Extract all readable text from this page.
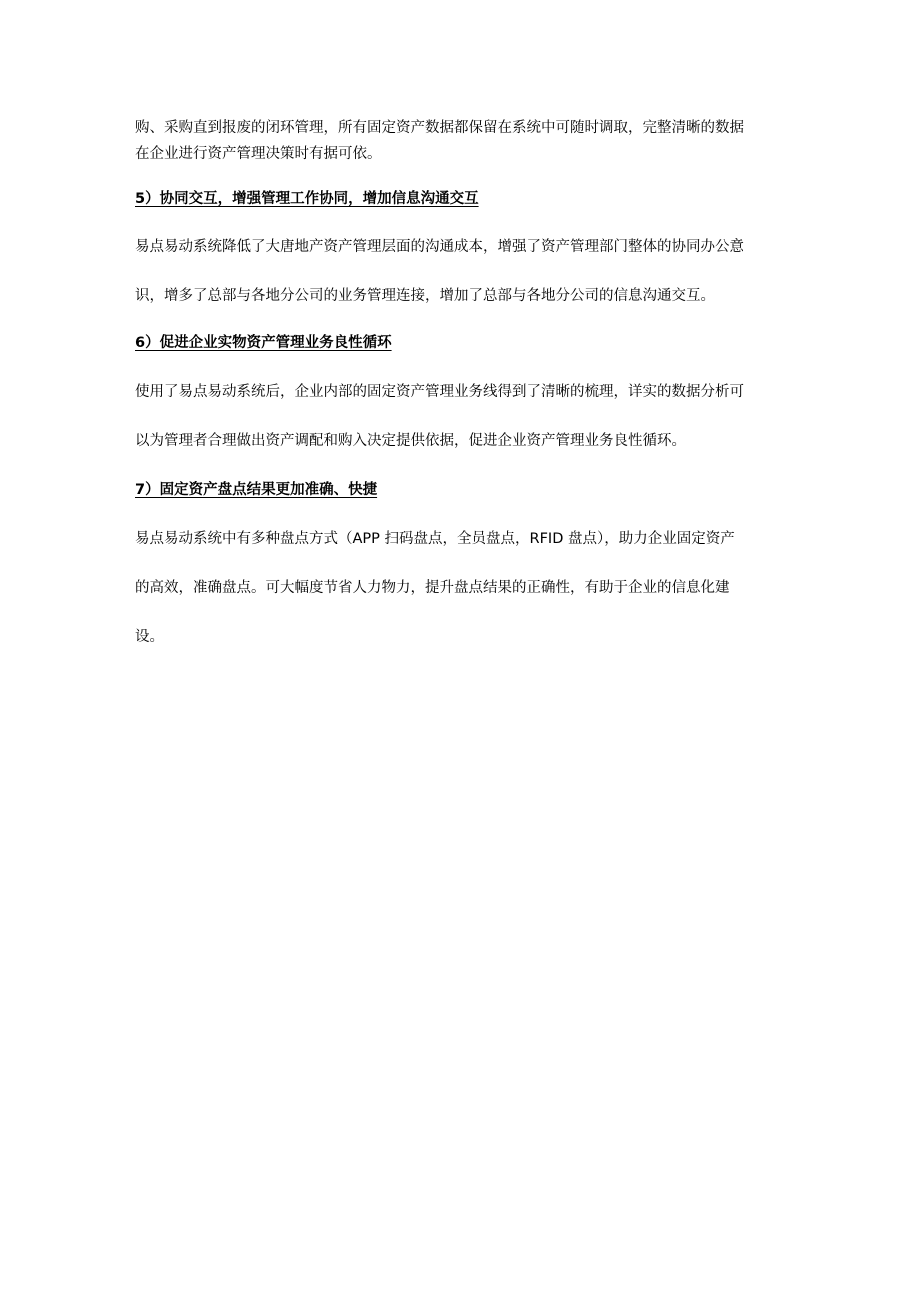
购、采购直到报废的闭环管理，所有固定资产数据都保留在系统中可随时调取，完整清晰的数据
在企业进行资产管理决策时有据可依。
5）协同交互，增强管理工作协同，增加信息沟通交互
易点易动系统降低了大唐地产资产管理层面的沟通成本，增强了资产管理部门整体的协同办公意
识，增多了总部与各地分公司的业务管理连接，增加了总部与各地分公司的信息沟通交互。
6）促进企业实物资产管理业务良性循环
使用了易点易动系统后，企业内部的固定资产管理业务线得到了清晰的梳理，详实的数据分析可
以为管理者合理做出资产调配和购入决定提供依据，促进企业资产管理业务良性循环。
7）固定资产盘点结果更加准确、快捷
易点易动系统中有多种盘点方式（APP 扫码盘点，全员盘点，RFID 盘点），助力企业固定资产
的高效，准确盘点。可大幅度节省人力物力，提升盘点结果的正确性，有助于企业的信息化建
设。
